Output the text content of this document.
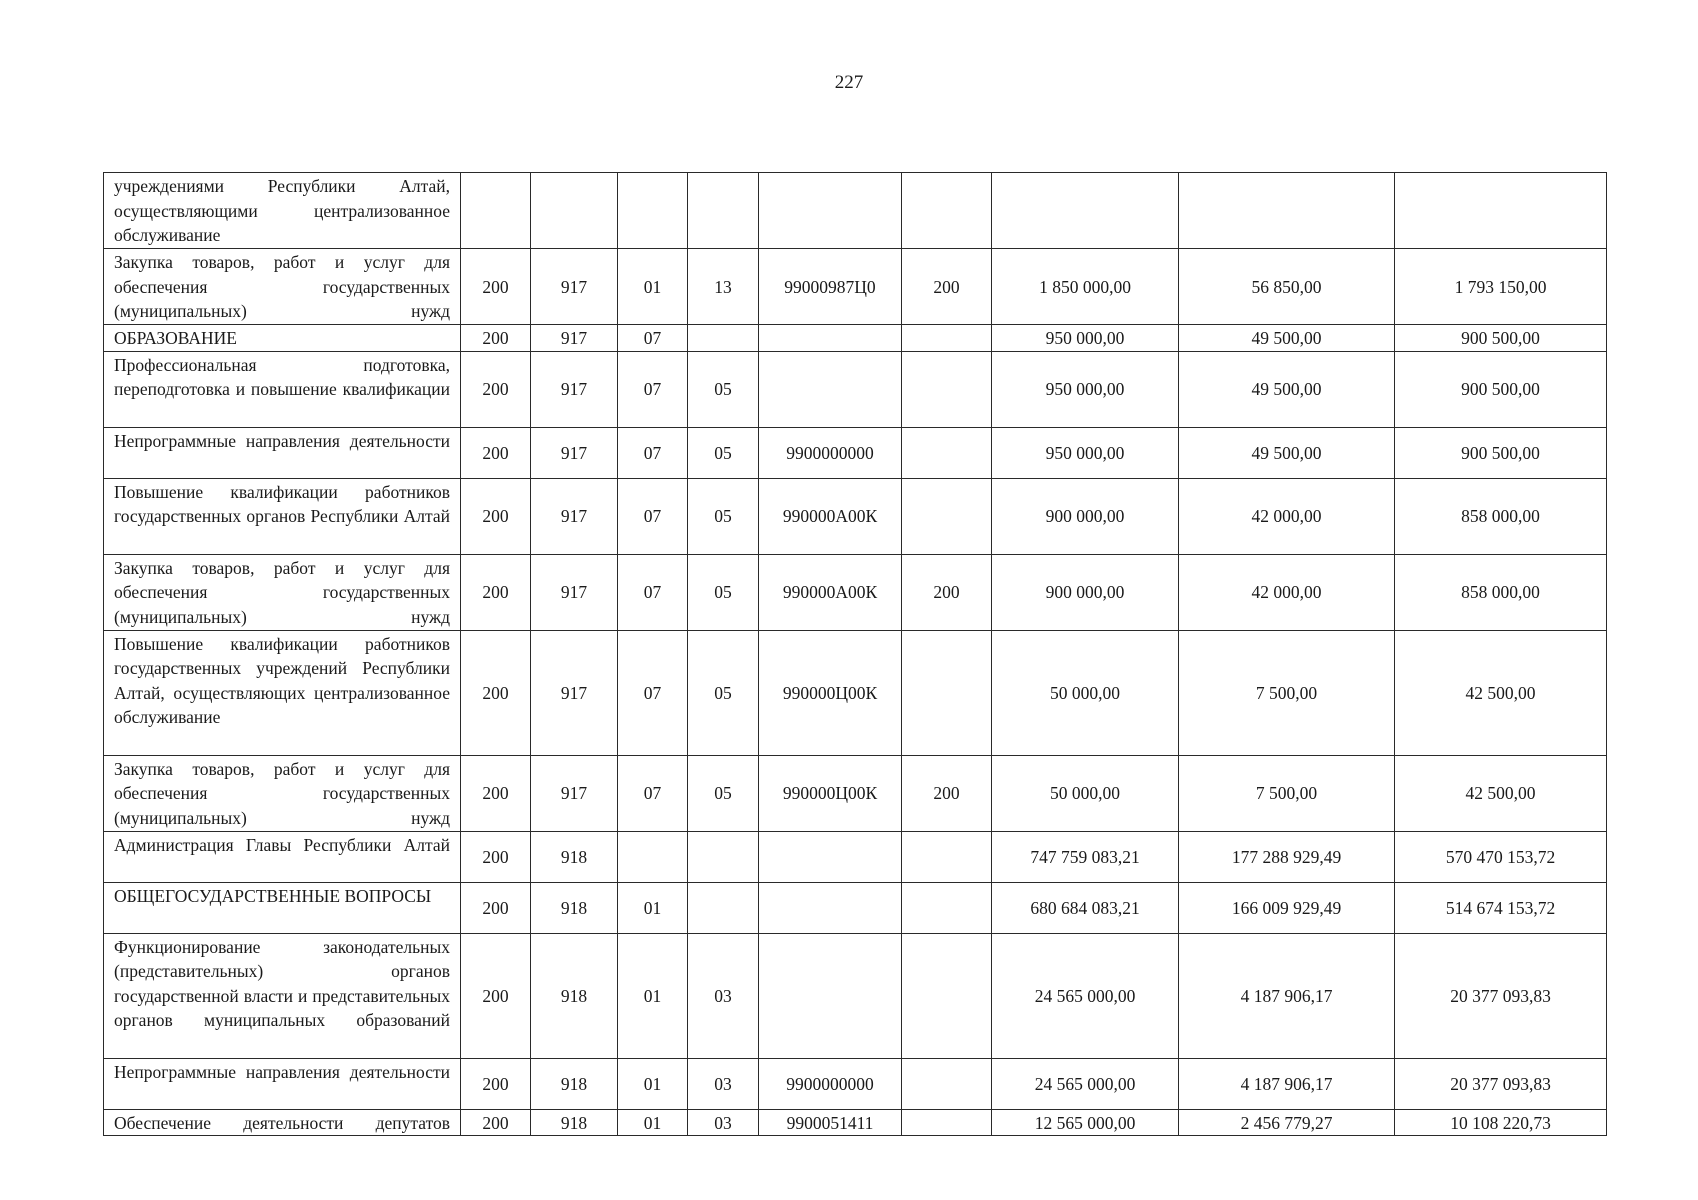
227
учреждениями Республики Алтай, осуществляющими централизованное обслуживание									
Закупка товаров, работ и услуг для обеспечения государственных (муниципальных) нужд	200	917	01	13	99000987Ц0	200	1 850 000,00	56 850,00	1 793 150,00
ОБРАЗОВАНИЕ	200	917	07				950 000,00	49 500,00	900 500,00
Профессиональная подготовка, переподготовка и повышение квалификации	200	917	07	05			950 000,00	49 500,00	900 500,00
Непрограммные направления деятельности	200	917	07	05	9900000000		950 000,00	49 500,00	900 500,00
Повышение квалификации работников государственных органов Республики Алтай	200	917	07	05	990000А00К		900 000,00	42 000,00	858 000,00
Закупка товаров, работ и услуг для обеспечения государственных (муниципальных) нужд	200	917	07	05	990000А00К	200	900 000,00	42 000,00	858 000,00
Повышение квалификации работников государственных учреждений Республики Алтай, осуществляющих централизованное обслуживание	200	917	07	05	990000Ц00К		50 000,00	7 500,00	42 500,00
Закупка товаров, работ и услуг для обеспечения государственных (муниципальных) нужд	200	917	07	05	990000Ц00К	200	50 000,00	7 500,00	42 500,00
Администрация Главы Республики Алтай	200	918					747 759 083,21	177 288 929,49	570 470 153,72
ОБЩЕГОСУДАРСТВЕННЫЕ ВОПРОСЫ	200	918	01				680 684 083,21	166 009 929,49	514 674 153,72
Функционирование законодательных (представительных) органов государственной власти и представительных органов муниципальных образований	200	918	01	03			24 565 000,00	4 187 906,17	20 377 093,83
Непрограммные направления деятельности	200	918	01	03	9900000000		24 565 000,00	4 187 906,17	20 377 093,83
Обеспечение деятельности депутатов	200	918	01	03	9900051411		12 565 000,00	2 456 779,27	10 108 220,73
